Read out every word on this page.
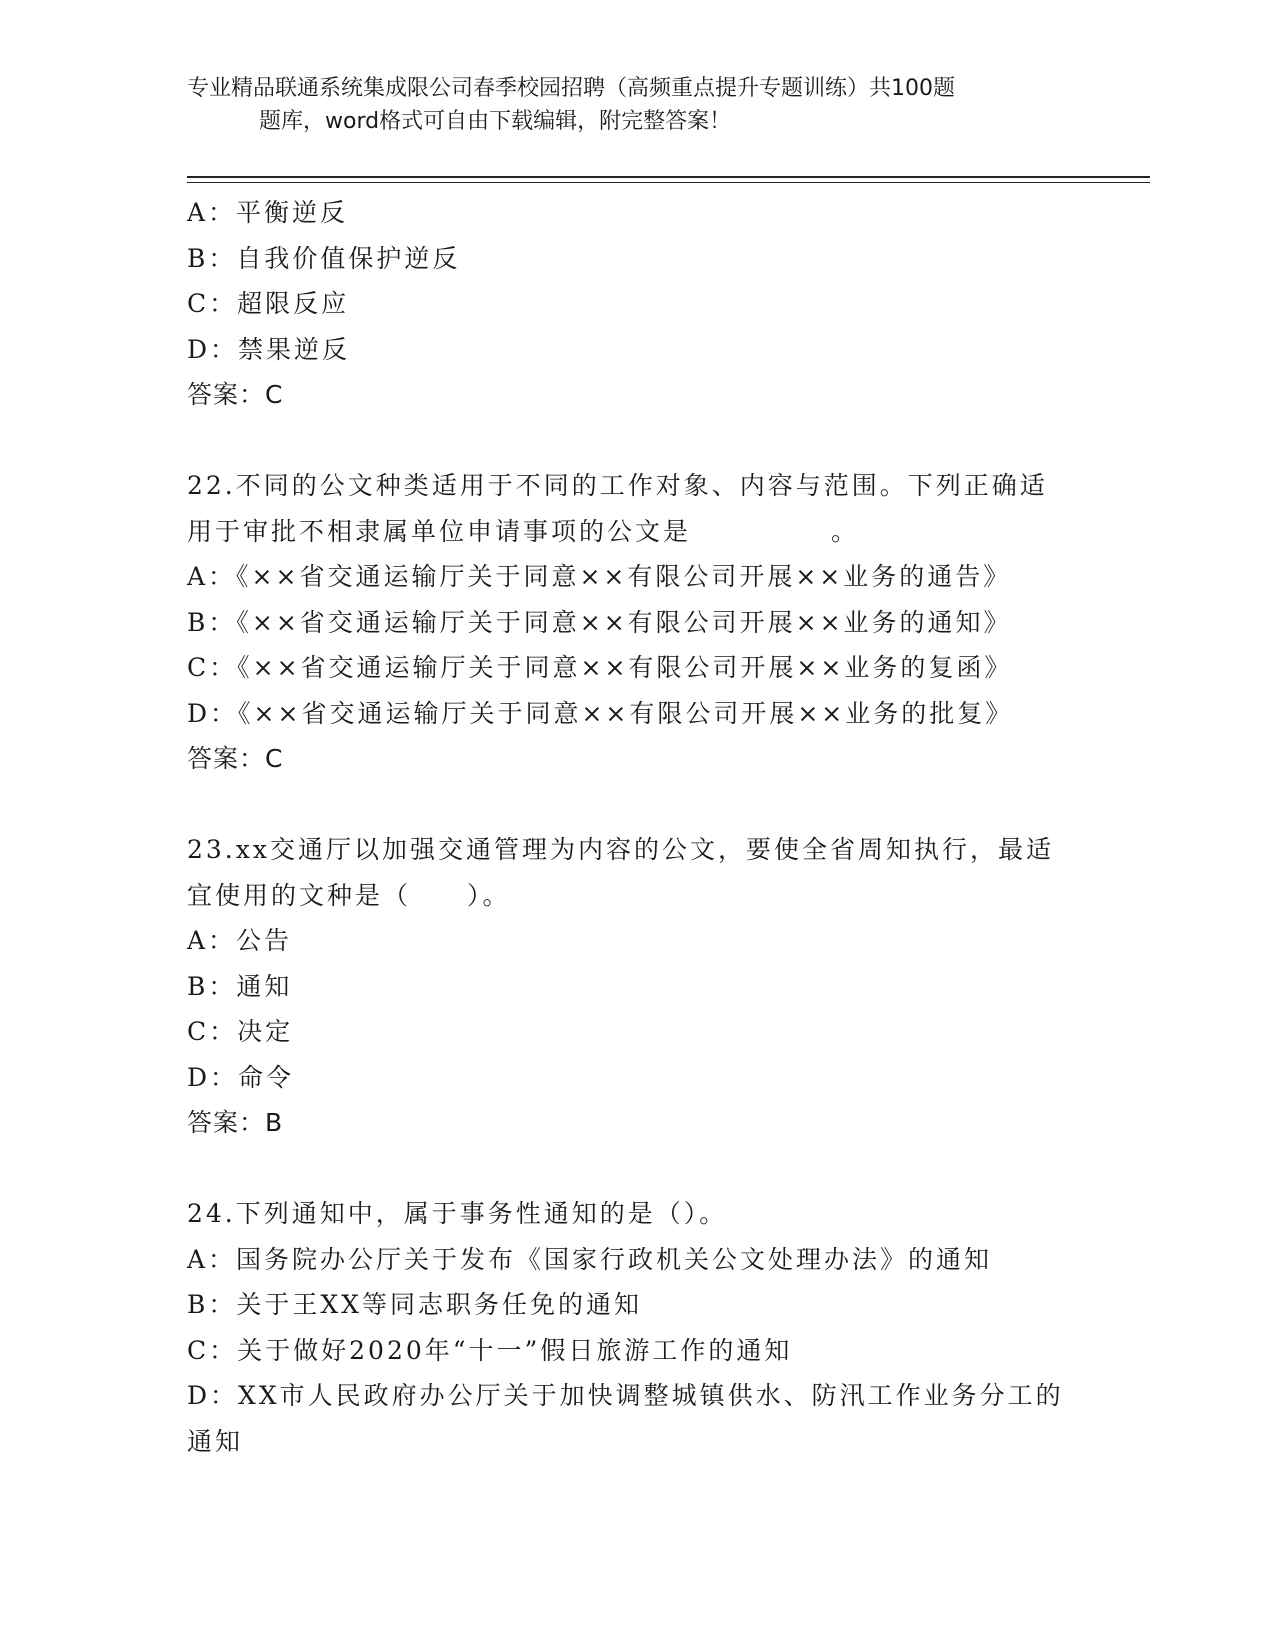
专业精品联通系统集成限公司春季校园招聘（高频重点提升专题训练）共100题
题库，word格式可自由下载编辑，附完整答案！
A：平衡逆反
B：自我价值保护逆反
C：超限反应
D：禁果逆反
答案：C
22.不同的公文种类适用于不同的工作对象、内容与范围。下列正确适
用于审批不相隶属单位申请事项的公文是　　　　　。
A：《××省交通运输厅关于同意××有限公司开展××业务的通告》
B：《××省交通运输厅关于同意××有限公司开展××业务的通知》
C：《××省交通运输厅关于同意××有限公司开展××业务的复函》
D：《××省交通运输厅关于同意××有限公司开展××业务的批复》
答案：C
23.xx交通厅以加强交通管理为内容的公文，要使全省周知执行，最适
宜使用的文种是（　　）。
A：公告
B：通知
C：决定
D：命令
答案：B
24.下列通知中，属于事务性通知的是（）。
A：国务院办公厅关于发布《国家行政机关公文处理办法》的通知
B：关于王XX等同志职务任免的通知
C：关于做好2020年“十一”假日旅游工作的通知
D：XX市人民政府办公厅关于加快调整城镇供水、防汛工作业务分工的
通知
